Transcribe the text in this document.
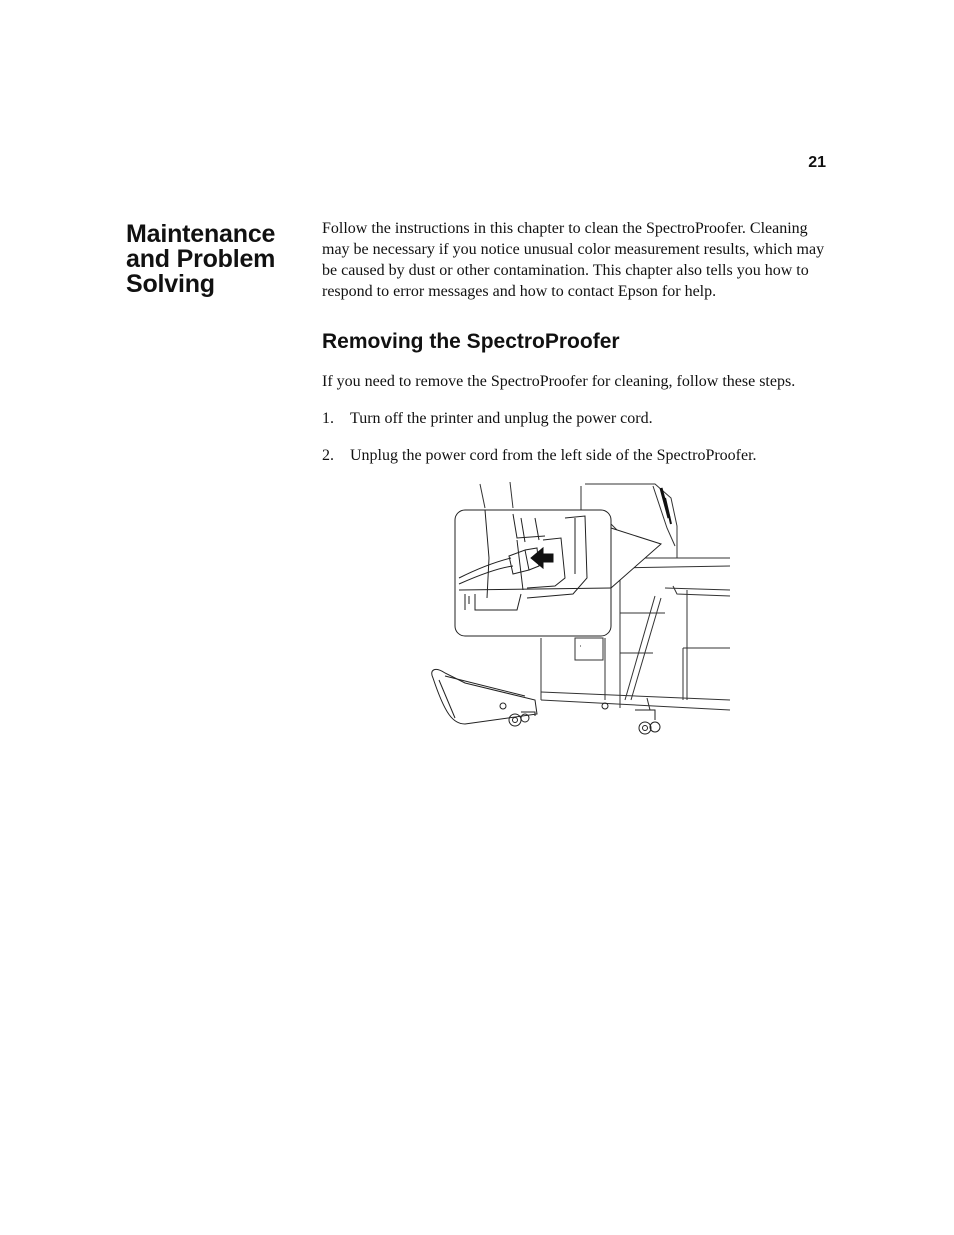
21
Maintenance and Problem Solving

Follow the instructions in this chapter to clean the SpectroProofer. Cleaning may be necessary if you notice unusual color measurement results, which may be caused by dust or other contamination. This chapter also tells you how to respond to error messages and how to contact Epson for help.

Removing the SpectroProofer

If you need to remove the SpectroProofer for cleaning, follow these steps.

1. Turn off the printer and unplug the power cord.
2. Unplug the power cord from the left side of the SpectroProofer.
